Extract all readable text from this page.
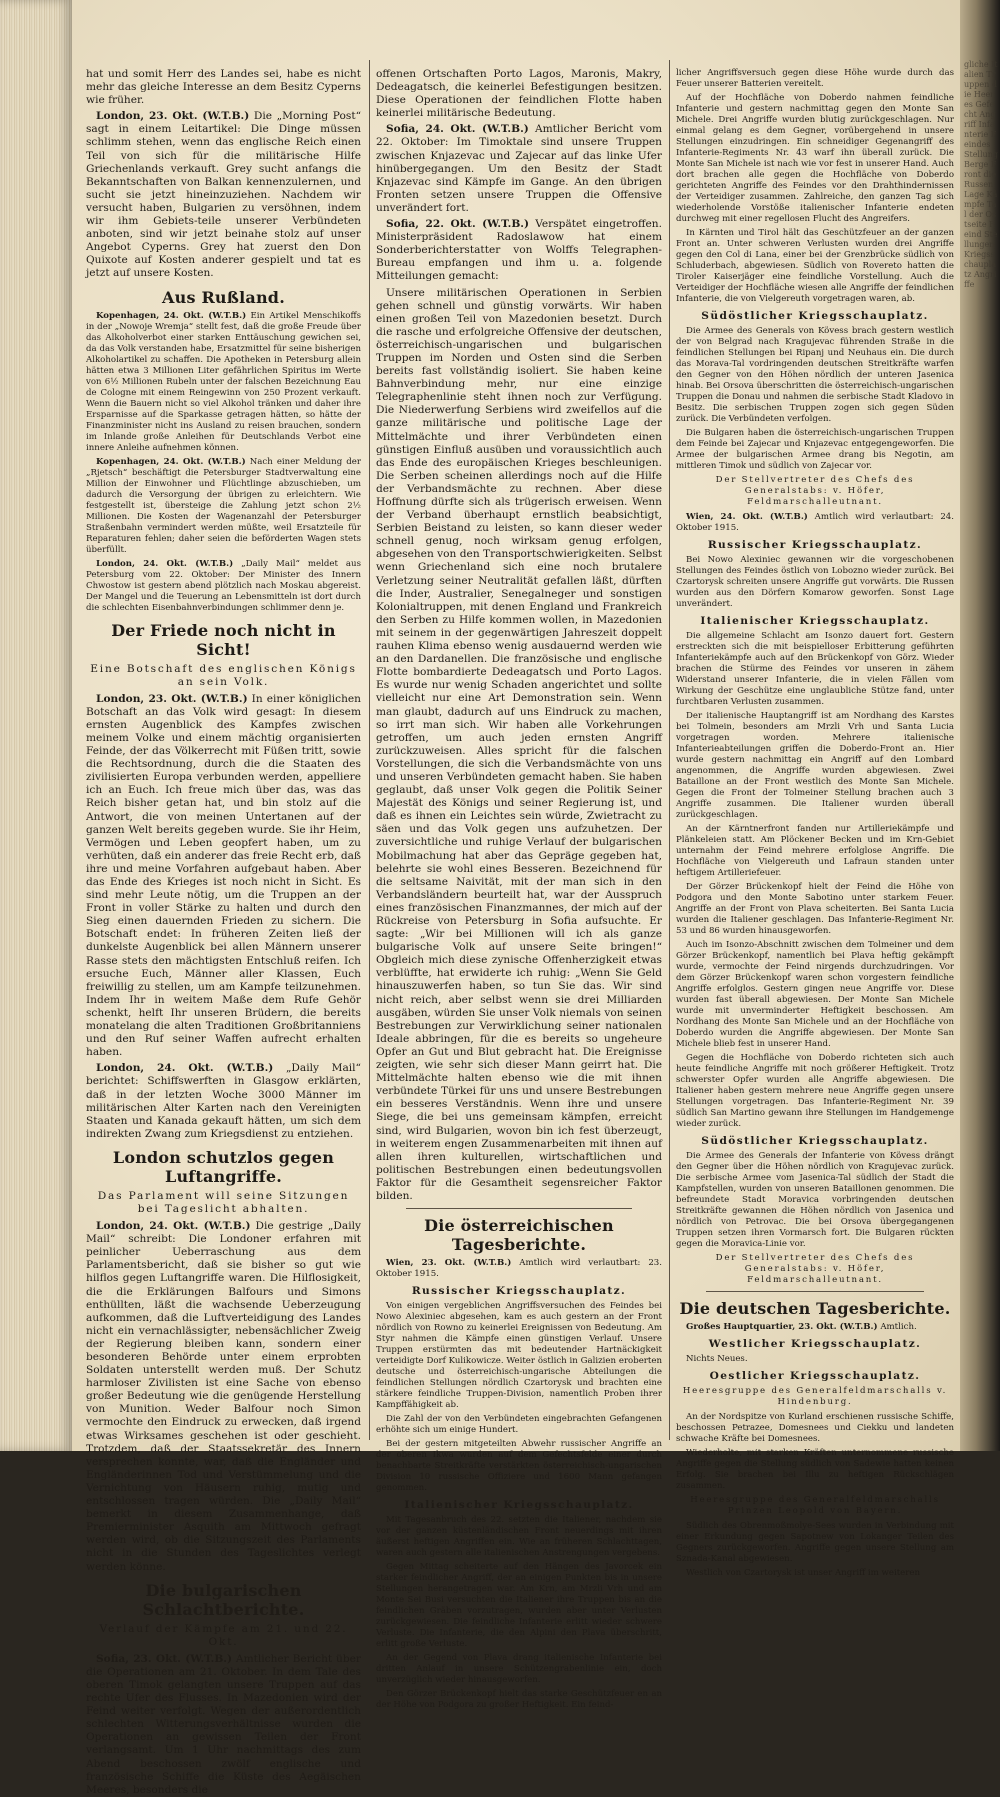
hat und somit Herr des Landes sei, habe es nicht mehr das gleiche Interesse an dem Besitz Cyperns wie früher.

London, 23. Okt. (W.T.B.) Die „Morning Post“ sagt in einem Leitartikel: Die Dinge müssen schlimm stehen, wenn das englische Reich einen Teil von sich für die militärische Hilfe Griechenlands verkauft. Grey sucht anfangs die Bekanntschaften von Balkan kennenzulernen, und sucht sie jetzt hineinzuziehen. Nachdem wir versucht haben, Bulgarien zu versöhnen, indem wir ihm Gebiets-teile unserer Verbündeten anboten, sind wir jetzt beinahe stolz auf unser Angebot Cyperns. Grey hat zuerst den Don Quixote auf Kosten anderer gespielt und tat es jetzt auf unsere Kosten.

Aus Rußland.

Kopenhagen, 24. Okt. (W.T.B.) Ein Artikel Menschikoffs in der „Nowoje Wremja“ stellt fest, daß die große Freude über das Alkoholverbot einer starken Enttäuschung gewichen sei, da das Volk verstanden habe, Ersatzmittel für seine bisherigen Alkoholartikel zu schaffen. Die Apotheken in Petersburg allein hätten etwa 3 Millionen Liter gefährlichen Spiritus im Werte von 6½ Millionen Rubeln unter der falschen Bezeichnung Eau de Cologne mit einem Reingewinn von 250 Prozent verkauft. Wenn die Bauern nicht so viel Alkohol tränken und daher ihre Ersparnisse auf die Sparkasse getragen hätten, so hätte der Finanzminister nicht ins Ausland zu reisen brauchen, sondern im Inlande große Anleihen für Deutschlands Verbot eine innere Anleihe aufnehmen können.

Kopenhagen, 24. Okt. (W.T.B.) Nach einer Meldung der „Rjetsch“ beschäftigt die Petersburger Stadtverwaltung eine Million der Einwohner und Flüchtlinge abzuschieben, um dadurch die Versorgung der übrigen zu erleichtern. Wie festgestellt ist, übersteige die Zahlung jetzt schon 2½ Millionen. Die Kosten der Wagenanzahl der Petersburger Straßenbahn vermindert werden müßte, weil Ersatzteile für Reparaturen fehlen; daher seien die beförderten Wagen stets überfüllt.

London, 24. Okt. (W.T.B.) „Daily Mail“ meldet aus Petersburg vom 22. Oktober: Der Minister des Innern Chwostow ist gestern abend plötzlich nach Moskau abgereist. Der Mangel und die Teuerung an Lebensmitteln ist dort durch die schlechten Eisenbahnverbindungen schlimmer denn je.

Der Friede noch nicht in Sicht!

Eine Botschaft des englischen Königs an sein Volk.

London, 23. Okt. (W.T.B.) In einer königlichen Botschaft an das Volk wird gesagt: In diesem ernsten Augenblick des Kampfes zwischen meinem Volke und einem mächtig organisierten Feinde, der das Völkerrecht mit Füßen tritt, sowie die Rechtsordnung, durch die die Staaten des zivilisierten Europa verbunden werden, appelliere ich an Euch. Ich freue mich über das, was das Reich bisher getan hat, und bin stolz auf die Antwort, die von meinen Untertanen auf der ganzen Welt bereits gegeben wurde. Sie ihr Heim, Vermögen und Leben geopfert haben, um zu verhüten, daß ein anderer das freie Recht erb, daß ihre und meine Vorfahren aufgebaut haben. Aber das Ende des Krieges ist noch nicht in Sicht. Es sind mehr Leute nötig, um die Truppen an der Front in voller Stärke zu halten und durch den Sieg einen dauernden Frieden zu sichern. Die Botschaft endet: In früheren Zeiten ließ der dunkelste Augenblick bei allen Männern unserer Rasse stets den mächtigsten Entschluß reifen. Ich ersuche Euch, Männer aller Klassen, Euch freiwillig zu stellen, um am Kampfe teilzunehmen. Indem Ihr in weitem Maße dem Rufe Gehör schenkt, helft Ihr unseren Brüdern, die bereits monatelang die alten Traditionen Großbritanniens und den Ruf seiner Waffen aufrecht erhalten haben.

London, 24. Okt. (W.T.B.) „Daily Mail“ berichtet: Schiffswerften in Glasgow erklärten, daß in der letzten Woche 3000 Männer im militärischen Alter Karten nach den Vereinigten Staaten und Kanada gekauft hätten, um sich dem indirekten Zwang zum Kriegsdienst zu entziehen.

London schutzlos gegen Luftangriffe.

Das Parlament will seine Sitzungen bei Tageslicht abhalten.

London, 24. Okt. (W.T.B.) Die gestrige „Daily Mail“ schreibt: Die Londoner erfahren mit peinlicher Ueberraschung aus dem Parlamentsbericht, daß sie bisher so gut wie hilflos gegen Luftangriffe waren. Die Hilflosigkeit, die die Erklärungen Balfours und Simons enthüllten, läßt die wachsende Ueberzeugung aufkommen, daß die Luftverteidigung des Landes nicht ein vernachlässigter, nebensächlicher Zweig der Regierung bleiben kann, sondern einer besonderen Behörde unter einem erprobten Soldaten unterstellt werden muß. Der Schutz harmloser Zivilisten ist eine Sache von ebenso großer Bedeutung wie die genügende Herstellung von Munition. Weder Balfour noch Simon vermochte den Eindruck zu erwecken, daß irgend etwas Wirksames geschehen ist oder geschieht. Trotzdem, daß der Staatssekretär des Innern versprechen konnte, war, daß die Engländer und Engländerinnen Tod und Verstümmelung und die Vernichtung von Häusern ruhig, mutig und entschlossen tragen würden. Die „Daily Mail“ bemerkt in diesem Zusammenhange, daß Premierminister Asquith am Mittwoch gefragt werden wird, ob die Sitzungszeit des Parlaments nicht in die Stunden des Tageslichtes verlegt werden könne.

Die bulgarischen Schlachtberichte.

Verlauf der Kämpfe am 21. und 22. Okt.

Sofia, 23. Okt. (W.T.B.) Amtlicher Bericht über die Operationen am 21. Oktober. In dem Tale des oberen Timok gelangten unsere Truppen auf das rechte Ufer des Flusses. In Mazedonien wird der Feind weiter verfolgt. Wegen der außerordentlich schlechten Witterungsverhältnisse wurden die Operationen an gewissen Teilen der Front verlangsamt. Um 1 Uhr nachmittags des zum Abend beschossen zwölf englische und französische Schiffe die Küste des Aegäischen Meeres, besonders die

offenen Ortschaften Porto Lagos, Maronis, Makry, Dedeagatsch, die keinerlei Befestigungen besitzen. Diese Operationen der feindlichen Flotte haben keinerlei militärische Bedeutung.

Sofia, 24. Okt. (W.T.B.) Amtlicher Bericht vom 22. Oktober: Im Timoktale sind unsere Truppen zwischen Knjazevac und Zajecar auf das linke Ufer hinübergegangen. Um den Besitz der Stadt Knjazevac sind Kämpfe im Gange. An den übrigen Fronten setzen unsere Truppen die Offensive unverändert fort.

Sofia, 22. Okt. (W.T.B.) Verspätet eingetroffen. Ministerpräsident Radoslawow hat einem Sonderberichterstatter von Wolffs Telegraphen-Bureau empfangen und ihm u. a. folgende Mitteilungen gemacht:

Unsere militärischen Operationen in Serbien gehen schnell und günstig vorwärts. Wir haben einen großen Teil von Mazedonien besetzt. Durch die rasche und erfolgreiche Offensive der deutschen, österreichisch-ungarischen und bulgarischen Truppen im Norden und Osten sind die Serben bereits fast vollständig isoliert. Sie haben keine Bahnverbindung mehr, nur eine einzige Telegraphenlinie steht ihnen noch zur Verfügung. Die Niederwerfung Serbiens wird zweifellos auf die ganze militärische und politische Lage der Mittelmächte und ihrer Verbündeten einen günstigen Einfluß ausüben und voraussichtlich auch das Ende des europäischen Krieges beschleunigen. Die Serben scheinen allerdings noch auf die Hilfe der Verbandsmächte zu rechnen. Aber diese Hoffnung dürfte sich als trügerisch erweisen. Wenn der Verband überhaupt ernstlich beabsichtigt, Serbien Beistand zu leisten, so kann dieser weder schnell genug, noch wirksam genug erfolgen, abgesehen von den Transportschwierigkeiten. Selbst wenn Griechenland sich eine noch brutalere Verletzung seiner Neutralität gefallen läßt, dürften die Inder, Australier, Senegalneger und sonstigen Kolonialtruppen, mit denen England und Frankreich den Serben zu Hilfe kommen wollen, in Mazedonien mit seinem in der gegenwärtigen Jahreszeit doppelt rauhen Klima ebenso wenig ausdauernd werden wie an den Dardanellen. Die französische und englische Flotte bombardierte Dedeagatsch und Porto Lagos. Es wurde nur wenig Schaden angerichtet und sollte vielleicht nur eine Art Demonstration sein. Wenn man glaubt, dadurch auf uns Eindruck zu machen, so irrt man sich. Wir haben alle Vorkehrungen getroffen, um auch jeden ernsten Angriff zurückzuweisen. Alles spricht für die falschen Vorstellungen, die sich die Verbandsmächte von uns und unseren Verbündeten gemacht haben. Sie haben geglaubt, daß unser Volk gegen die Politik Seiner Majestät des Königs und seiner Regierung ist, und daß es ihnen ein Leichtes sein würde, Zwietracht zu säen und das Volk gegen uns aufzuhetzen. Der zuversichtliche und ruhige Verlauf der bulgarischen Mobilmachung hat aber das Gepräge gegeben hat, belehrte sie wohl eines Besseren. Bezeichnend für die seltsame Naivität, mit der man sich in den Verbandsländern beurteilt hat, war der Ausspruch eines französischen Finanzmannes, der mich auf der Rückreise von Petersburg in Sofia aufsuchte. Er sagte: „Wir bei Millionen will ich als ganze bulgarische Volk auf unsere Seite bringen!“ Obgleich mich diese zynische Offenherzigkeit etwas verblüffte, hat erwiderte ich ruhig: „Wenn Sie Geld hinauszuwerfen haben, so tun Sie das. Wir sind nicht reich, aber selbst wenn sie drei Milliarden ausgäben, würden Sie unser Volk niemals von seinen Bestrebungen zur Verwirklichung seiner nationalen Ideale abbringen, für die es bereits so ungeheure Opfer an Gut und Blut gebracht hat. Die Ereignisse zeigten, wie sehr sich dieser Mann geirrt hat. Die Mittelmächte halten ebenso wie die mit ihnen verbündete Türkei für uns und unsere Bestrebungen ein besseres Verständnis. Wenn ihre und unsere Siege, die bei uns gemeinsam kämpfen, erreicht sind, wird Bulgarien, wovon bin ich fest überzeugt, in weiterem engen Zusammenarbeiten mit ihnen auf allen ihren kulturellen, wirtschaftlichen und politischen Bestrebungen einen bedeutungsvollen Faktor für die Gesamtheit segensreicher Faktor bilden.

Die österreichischen Tagesberichte.

Wien, 23. Okt. (W.T.B.) Amtlich wird verlautbart: 23. Oktober 1915.

Russischer Kriegsschauplatz.

Von einigen vergeblichen Angriffsversuchen des Feindes bei Nowo Alexiniec abgesehen, kam es auch gestern an der Front nördlich von Rowno zu keinerlei Ereignissen von Bedeutung. Am Styr nahmen die Kämpfe einen günstigen Verlauf. Unsere Truppen erstürmten das mit bedeutender Hartnäckigkeit verteidigte Dorf Kulikowicze. Weiter östlich in Galizien eroberten deutsche und österreichisch-ungarische Abteilungen die feindlichen Stellungen nördlich Czartorysk und brachten eine stärkere feindliche Truppen-Division, namentlich Proben ihrer Kampffähigkeit ab.

Die Zahl der von den Verbündeten eingebrachten Gefangenen erhöhte sich um einige Hundert.

Bei der gestern mitgeteilten Abwehr russischer Angriffe an der oberen Ikwa wurden auf dem Gefechtsfelde einer durch benachbarte Streitkräfte verstärkten österreichisch-ungarischen Division 10 russische Offiziere und 1600 Mann gefangen genommen.

Italienischer Kriegsschauplatz.

Mit Tagesanbruch des 22. setzten die Italiener, nachdem sie vor der ganzen küstenländischen Front neuerdings mit ihren äußerst heftigen Angriffen ein. Wie an früheren Schlachttagen, waren auch gestern alle italienischen Anstrengungen vergebens.

Gegen Mittag scheiterte auf den Hängen des Javorcek ein starker feindlicher Angriff, der an einigen Punkten bis in unsere Stellungen herangetragen war. Am Krn, am Mrzli Vrh und am Monte Sei Busi versuchten die Italiener ihre Truppen bis an die feindlichen Gräben vorzutragen, wurden aber unter Verlusten zurückgewiesen. Die feindliche Infanterie erlitt wieder schwere Verluste. Die Infanterie, die den Alpini den Plava überschritt, erlitt große Verluste.

An der Gegend von Plava drang italienische Infanterie bei dritten Anlauf in unsere Schützengrabenlinie ein, doch unverzüglich wieder hinausgeworfen.

Den Görzer Brückenkopf hielt das starke Geschützfeuer en an der Höhe von Podgora zu großer Heftigkeit. Ein feind-

licher Angriffsversuch gegen diese Höhe wurde durch das Feuer unserer Batterien vereitelt.

Auf der Hochfläche von Doberdo nahmen feindliche Infanterie und gestern nachmittag gegen den Monte San Michele. Drei Angriffe wurden blutig zurückgeschlagen. Nur einmal gelang es dem Gegner, vorübergehend in unsere Stellungen einzudringen. Ein schneidiger Gegenangriff des Infanterie-Regiments Nr. 43 warf ihn überall zurück. Die Monte San Michele ist nach wie vor fest in unserer Hand. Auch dort brachen alle gegen die Hochfläche von Doberdo gerichteten Angriffe des Feindes vor den Drahthindernissen der Verteidiger zusammen. Zahlreiche, den ganzen Tag sich wiederholende Vorstöße italienischer Infanterie endeten durchweg mit einer regellosen Flucht des Angreifers.

In Kärnten und Tirol hält das Geschützfeuer an der ganzen Front an. Unter schweren Verlusten wurden drei Angriffe gegen den Col di Lana, einer bei der Grenzbrücke südlich von Schluderbach, abgewiesen. Südlich von Rovereto hatten die Tiroler Kaiserjäger eine feindliche Vorstellung. Auch die Verteidiger der Hochfläche wiesen alle Angriffe der feindlichen Infanterie, die von Vielgereuth vorgetragen waren, ab.

Südöstlicher Kriegsschauplatz.

Die Armee des Generals von Kövess brach gestern westlich der von Belgrad nach Kragujevac führenden Straße in die feindlichen Stellungen bei Ripanj und Neuhaus ein. Die durch das Morava-Tal vordringenden deutschen Streitkräfte warfen den Gegner von den Höhen nördlich der unteren Jasenica hinab. Bei Orsova überschritten die österreichisch-ungarischen Truppen die Donau und nahmen die serbische Stadt Kladovo in Besitz. Die serbischen Truppen zogen sich gegen Süden zurück. Die Verbündeten verfolgen.

Die Bulgaren haben die österreichisch-ungarischen Truppen dem Feinde bei Zajecar und Knjazevac entgegengeworfen. Die Armee der bulgarischen Armee drang bis Negotin, am mittleren Timok und südlich von Zajecar vor.

Der Stellvertreter des Chefs des Generalstabs: v. Höfer, Feldmarschalleutnant.

Wien, 24. Okt. (W.T.B.) Amtlich wird verlautbart: 24. Oktober 1915.

Russischer Kriegsschauplatz.

Bei Nowo Alexiniec gewannen wir die vorgeschobenen Stellungen des Feindes östlich von Lobozno wieder zurück. Bei Czartorysk schreiten unsere Angriffe gut vorwärts. Die Russen wurden aus den Dörfern Komarow geworfen. Sonst Lage unverändert.

Italienischer Kriegsschauplatz.

Die allgemeine Schlacht am Isonzo dauert fort. Gestern erstreckten sich die mit beispielloser Erbitterung geführten Infanteriekämpfe auch auf den Brückenkopf von Görz. Wieder brachen die Stürme des Feindes vor unseren in zähem Widerstand unserer Infanterie, die in vielen Fällen vom Wirkung der Geschütze eine unglaubliche Stütze fand, unter furchtbaren Verlusten zusammen.

Der italienische Hauptangriff ist am Nordhang des Karstes bei Tolmein, besonders am Mrzli Vrh und Santa Lucia vorgetragen worden. Mehrere italienische Infanterieabteilungen griffen die Doberdo-Front an. Hier wurde gestern nachmittag ein Angriff auf den Lombard angenommen, die Angriffe wurden abgewiesen. Zwei Bataillone an der Front westlich des Monte San Michele. Gegen die Front der Tolmeiner Stellung brachen auch 3 Angriffe zusammen. Die Italiener wurden überall zurückgeschlagen.

An der Kärntnerfront fanden nur Artilleriekämpfe und Plänkeleien statt. Am Plöckener Becken und im Krn-Gebiet unternahm der Feind mehrere erfolglose Angriffe. Die Hochfläche von Vielgereuth und Lafraun standen unter heftigem Artilleriefeuer.

Der Görzer Brückenkopf hielt der Feind die Höhe von Podgora und den Monte Sabotino unter starkem Feuer. Angriffe an der Front von Plava scheiterten. Bei Santa Lucia wurden die Italiener geschlagen. Das Infanterie-Regiment Nr. 53 und 86 wurden hinausgeworfen.

Auch im Isonzo-Abschnitt zwischen dem Tolmeiner und dem Görzer Brückenkopf, namentlich bei Plava heftig gekämpft wurde, vermochte der Feind nirgends durchzudringen. Vor dem Görzer Brückenkopf waren schon vorgestern feindliche Angriffe erfolglos. Gestern gingen neue Angriffe vor. Diese wurden fast überall abgewiesen. Der Monte San Michele wurde mit unverminderter Heftigkeit beschossen. Am Nordhang des Monte San Michele und an der Hochfläche von Doberdo wurden die Angriffe abgewiesen. Der Monte San Michele blieb fest in unserer Hand.

Gegen die Hochfläche von Doberdo richteten sich auch heute feindliche Angriffe mit noch größerer Heftigkeit. Trotz schwerster Opfer wurden alle Angriffe abgewiesen. Die Italiener haben gestern mehrere neue Angriffe gegen unsere Stellungen vorgetragen. Das Infanterie-Regiment Nr. 39 südlich San Martino gewann ihre Stellungen im Handgemenge wieder zurück.

Südöstlicher Kriegsschauplatz.

Die Armee des Generals der Infanterie von Kövess drängt den Gegner über die Höhen nördlich von Kragujevac zurück. Die serbische Armee vom Jasenica-Tal südlich der Stadt die Kampfstellen, wurden von unseren Bataillonen genommen. Die befreundete Stadt Moravica vorbringenden deutschen Streitkräfte gewannen die Höhen nördlich von Jasenica und nördlich von Petrovac. Die bei Orsova übergegangenen Truppen setzen ihren Vormarsch fort. Die Bulgaren rückten gegen die Moravica-Linie vor.

Der Stellvertreter des Chefs des Generalstabs: v. Höfer, Feldmarschalleutnant.

Die deutschen Tagesberichte.

Großes Hauptquartier, 23. Okt. (W.T.B.) Amtlich.

Westlicher Kriegsschauplatz.

Nichts Neues.

Oestlicher Kriegsschauplatz.

Heeresgruppe des Generalfeldmarschalls v. Hindenburg.

An der Nordspitze von Kurland erschienen russische Schiffe, beschossen Petrazee, Domesnees und Ciekku und landeten schwache Kräfte bei Domesnees.

Wiederholte, mit starken Kräften unternommene russische Angriffe gegen die Stellung südlich von Sadewie hatten keinen Erfolg. Sie brachen bei Illu zu heftigen Rückschlägen zusammen.

Heeresgruppe des Generalfeldmarschalls Prinzen Leopold von Bayern.

Südlich des Obrenmoßmolye-Sees wurden in Verbindung mit einer Erkundung gegen Sapotnew von Lokanger Teilen des Gegners zurückgeworfen. Angriffe gegen unsere Stellung am Sznada-Kanal abgewiesen.

Westlich von Czartorysk ist unser Angriff im weiteren

gliche Italien Truppen die Heeres Gefecht Angriff Infanterie Feindes Stellung Berge Front die Russen Lage Kämpfe Tal der Ostseite Feind Stellungen Kriegsschauplatz Angriffe
